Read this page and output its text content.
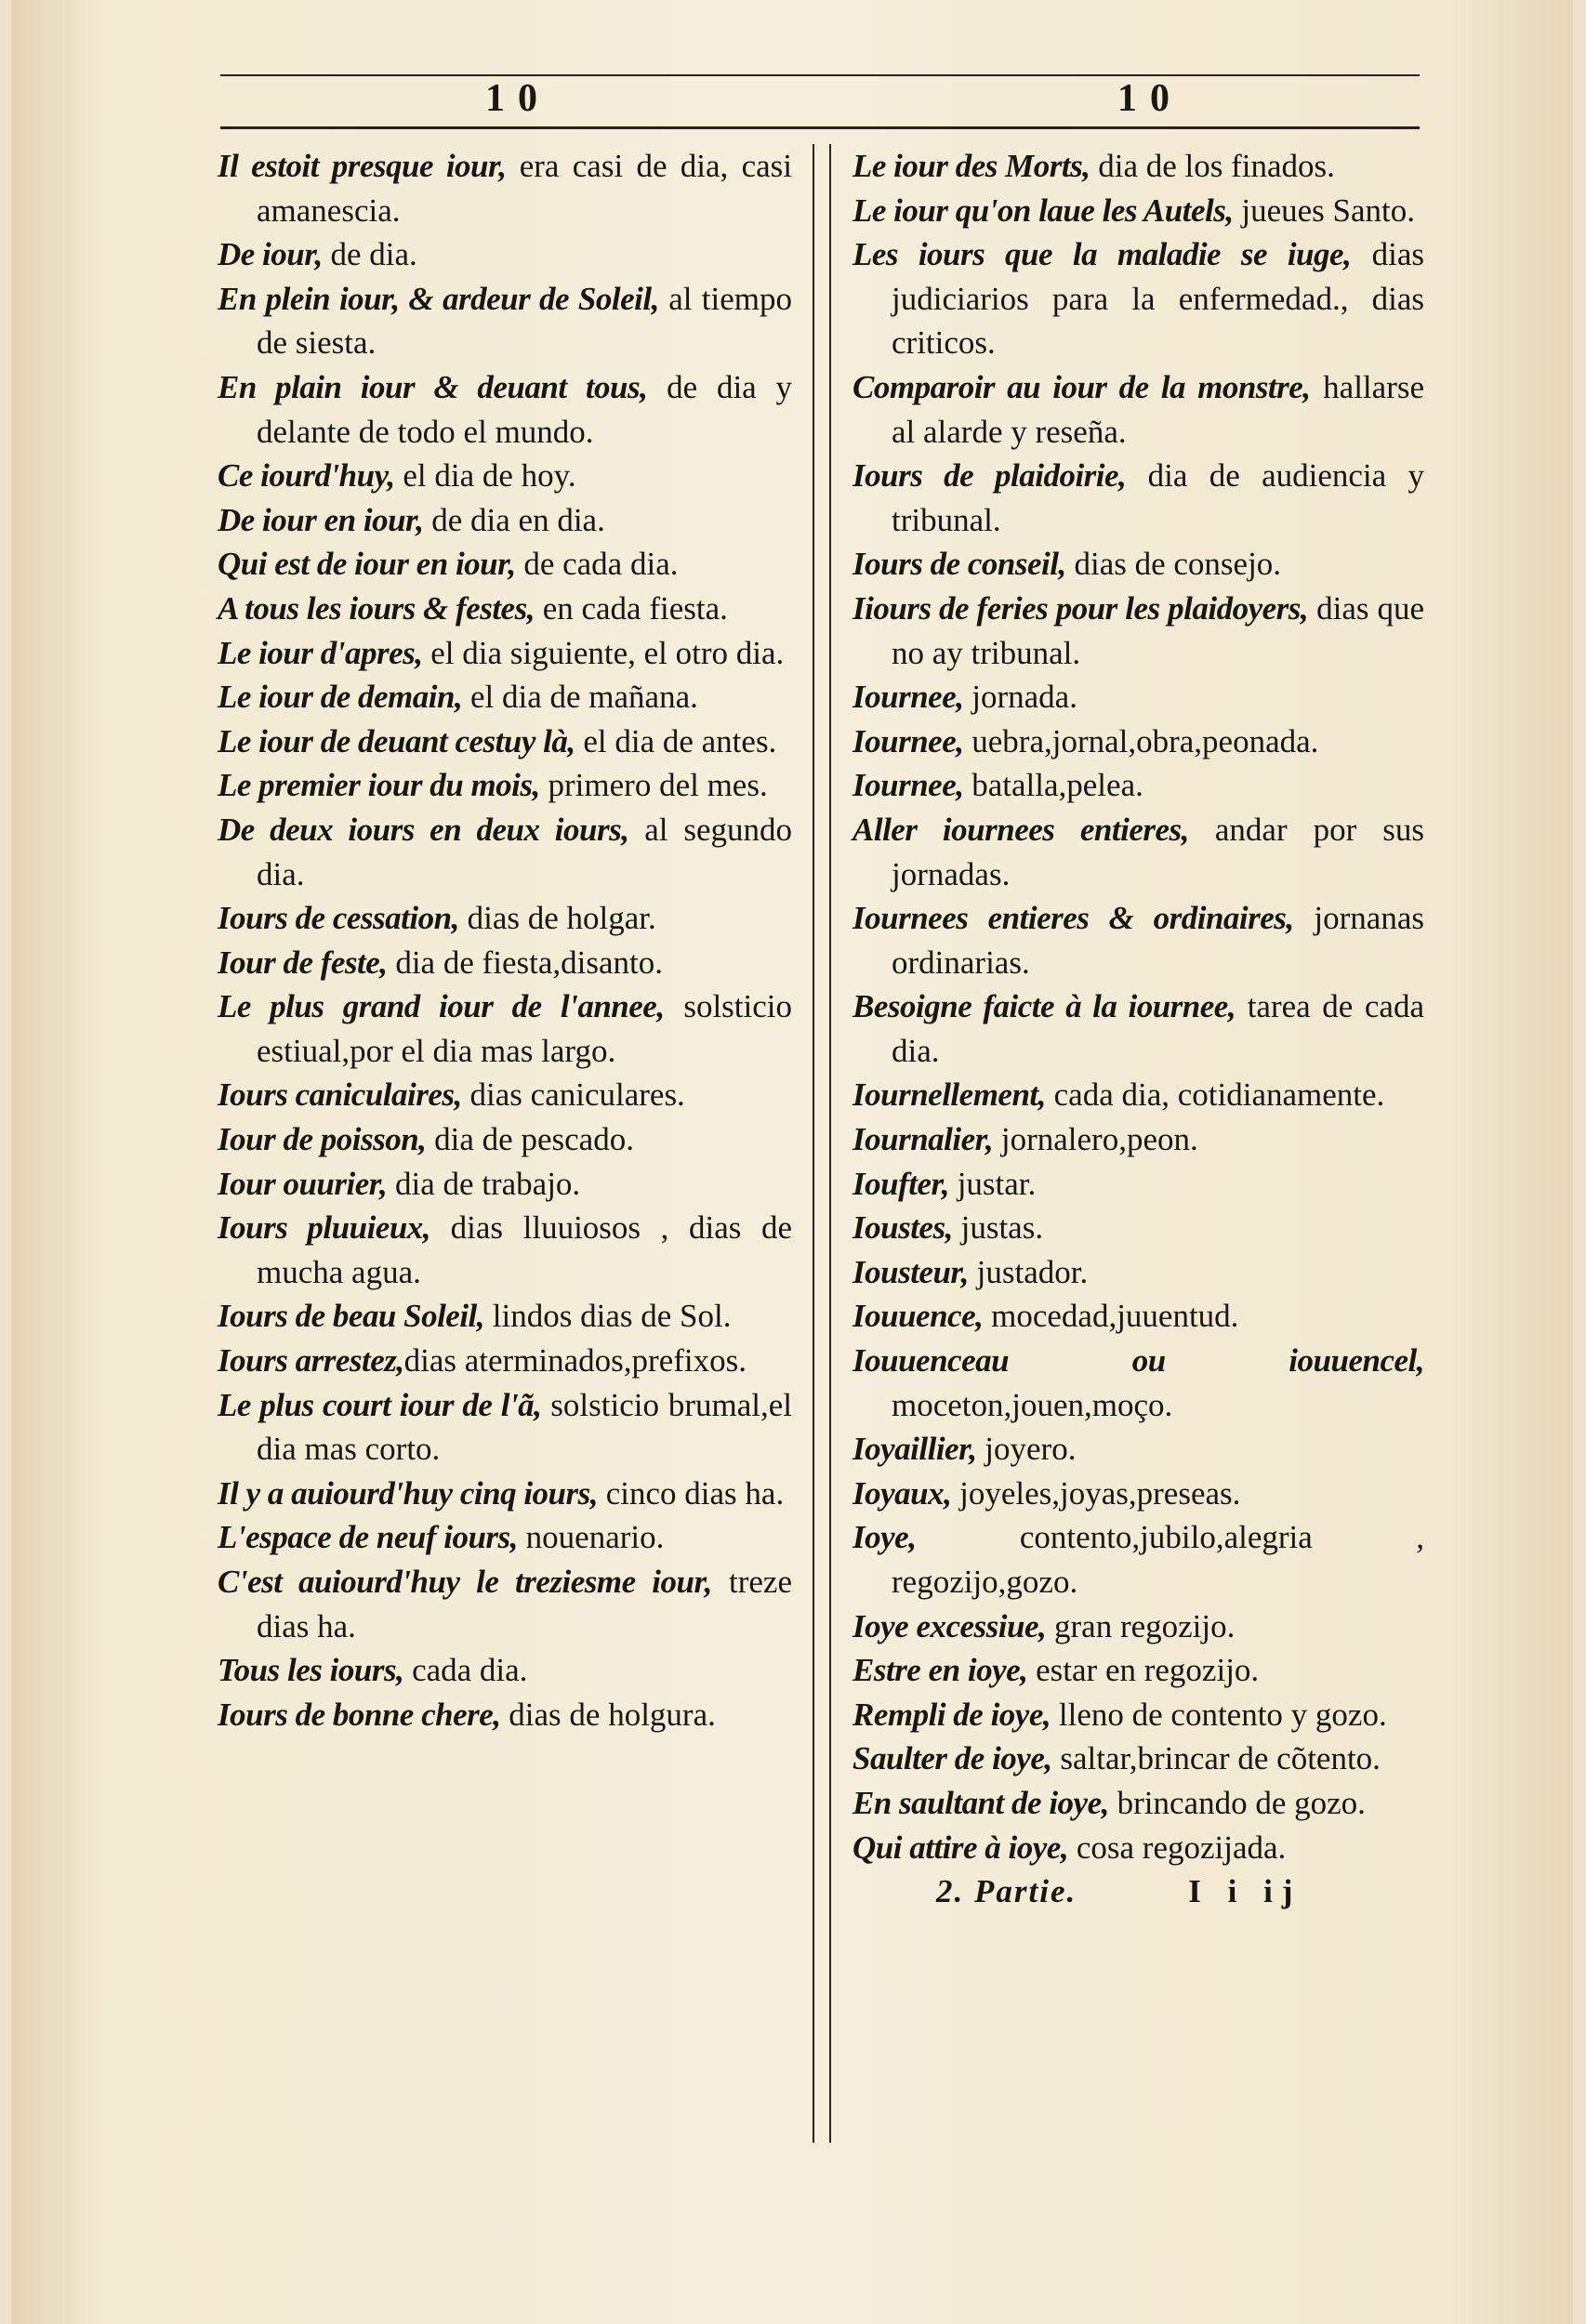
10	10
Il estoit presque iour, era casi de dia, casi amanescia.
De iour, de dia.
En plein iour, & ardeur de Soleil, al tiempo de siesta.
En plain iour & deuant tous, de dia y delante de todo el mundo.
Ce iourd'huy, el dia de hoy.
De iour en iour, de dia en dia.
Qui est de iour en iour, de cada dia.
A tous les iours & festes, en cada fiesta.
Le iour d'apres, el dia siguiente, el otro dia.
Le iour de demain, el dia de mañana.
Le iour de deuant cestuy là, el dia de antes.
Le premier iour du mois, primero del mes.
De deux iours en deux iours, al segundo dia.
Iours de cessation, dias de holgar.
Iour de feste, dia de fiesta,disanto.
Le plus grand iour de l'annee, solsticio estiual,por el dia mas largo.
Iours caniculaires, dias caniculares.
Iour de poisson, dia de pescado.
Iour ouurier, dia de trabajo.
Iours pluuieux, dias lluuiosos , dias de mucha agua.
Iours de beau Soleil, lindos dias de Sol.
Iours arrestez,dias aterminados,prefixos.
Le plus court iour de l'ã, solsticio brumal,el dia mas corto.
Il y a auiourd'huy cinq iours, cinco dias ha.
L'espace de neuf iours, nouenario.
C'est auiourd'huy le treziesme iour, treze dias ha.
Tous les iours, cada dia.
Iours de bonne chere, dias de holgura.
Le iour des Morts, dia de los finados.
Le iour qu'on laue les Autels, jueues Santo.
Les iours que la maladie se iuge, dias judiciarios para la enfermedad., dias criticos.
Comparoir au iour de la monstre, hallarse al alarde y reseña.
Iours de plaidoirie, dia de audiencia y tribunal.
Iours de conseil, dias de consejo.
Iiours de feries pour les plaidoyers, dias que no ay tribunal.
Iournee, jornada.
Iournee, uebra,jornal,obra,peonada.
Iournee, batalla,pelea.
Aller iournees entieres, andar por sus jornadas.
Iournees entieres & ordinaires, jornanas ordinarias.
Besoigne faicte à la iournee, tarea de cada dia.
Iournellement, cada dia, cotidianamente.
Iournalier, jornalero,peon.
Ioufter, justar.
Ioustes, justas.
Iousteur, justador.
Iouuence, mocedad,juuentud.
Iouuenceau ou iouuencel, moceton,jouen,moço.
Ioyaillier, joyero.
Ioyaux, joyeles,joyas,preseas.
Ioye, contento,jubilo,alegria , regozijo,gozo.
Ioye excessiue, gran regozijo.
Estre en ioye, estar en regozijo.
Rempli de ioye, lleno de contento y gozo.
Saulter de ioye, saltar,brincar de cõtento.
En saultant de ioye, brincando de gozo.
Qui attire à ioye, cosa regozijada.
2. Partie.	I i ij
